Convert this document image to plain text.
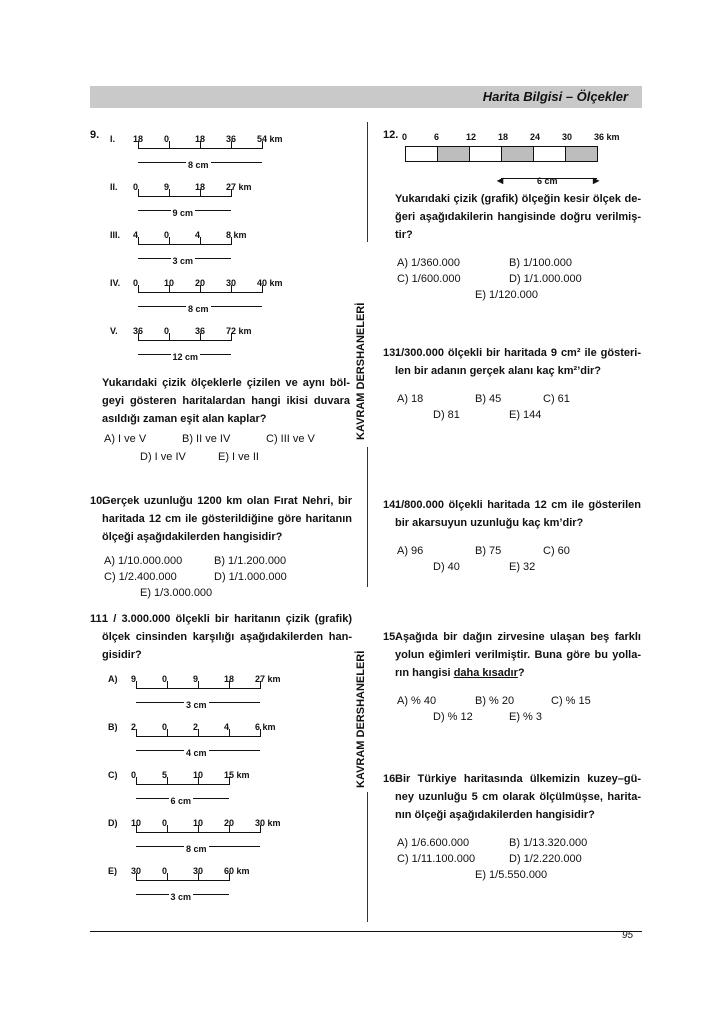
Harita Bilgisi – Ölçekler
KAVRAM DERSHANELERİ
KAVRAM DERSHANELERİ
9. I. 18 0	18 36 54 km
8 cm
II. 0	9	18 27 km
9 cm
III. 4	0	4	8 km
3 cm
IV. 0	10 20 30 40 km
8 cm
V. 36 0	36 72 km
12 cm
Yukarıdaki çizik ölçeklerle çizilen ve aynı böl-geyi gösteren haritalardan hangi ikisi duvara asıldığı zaman eşit alan kaplar?
A) I ve V	B) II ve IV	C) III ve V
D) I ve IV	E) I ve II
10.
Gerçek uzunluğu 1200 km olan Fırat Nehri, bir haritada 12 cm ile gösterildiğine göre haritanın ölçeği aşağıdakilerden hangisidir?
A) 1/10.000.000	B) 1/1.200.000
C) 1/2.400.000	D) 1/1.000.000
E) 1/3.000.000
11.
1 / 3.000.000 ölçekli bir haritanın çizik (grafik) ölçek cinsinden karşılığı aşağıdakilerden han-gisidir?
A) 9	0	9	18 27 km
3 cm
B) 2	0	2	4	6 km
4 cm
C) 0	5	10 15 km
6 cm
D) 10 0	10 20 30 km
8 cm
E) 30 0	30 60 km
3 cm
12. 0	6	12 18 24 30 36 km
◀	▶
6 cm
Yukarıdaki çizik (grafik) ölçeğin kesir ölçek de-ğeri aşağıdakilerin hangisinde doğru verilmiş-tir?
A) 1/360.000	B) 1/100.000
C) 1/600.000	D) 1/1.000.000
E) 1/120.000
13.
1/300.000 ölçekli bir haritada 9 cm² ile gösteri-len bir adanın gerçek alanı kaç km²’dir?
A) 18	B) 45	C) 61
D) 81	E) 144
14.
1/800.000 ölçekli haritada 12 cm ile gösterilen bir akarsuyun uzunluğu kaç km’dir?
A) 96	B) 75	C) 60
D) 40	E) 32
15.
Aşağıda bir dağın zirvesine ulaşan beş farklı yolun eğimleri verilmiştir. Buna göre bu yolla-rın hangisi daha kısadır?
A) % 40	B) % 20	C) % 15
D) % 12	E) % 3
16.
Bir Türkiye haritasında ülkemizin kuzey–gü-ney uzunluğu 5 cm olarak ölçülmüşse, harita-nın ölçeği aşağıdakilerden hangisidir?
A) 1/6.600.000	B) 1/13.320.000
C) 1/11.100.000	D) 1/2.220.000
E) 1/5.550.000
95
